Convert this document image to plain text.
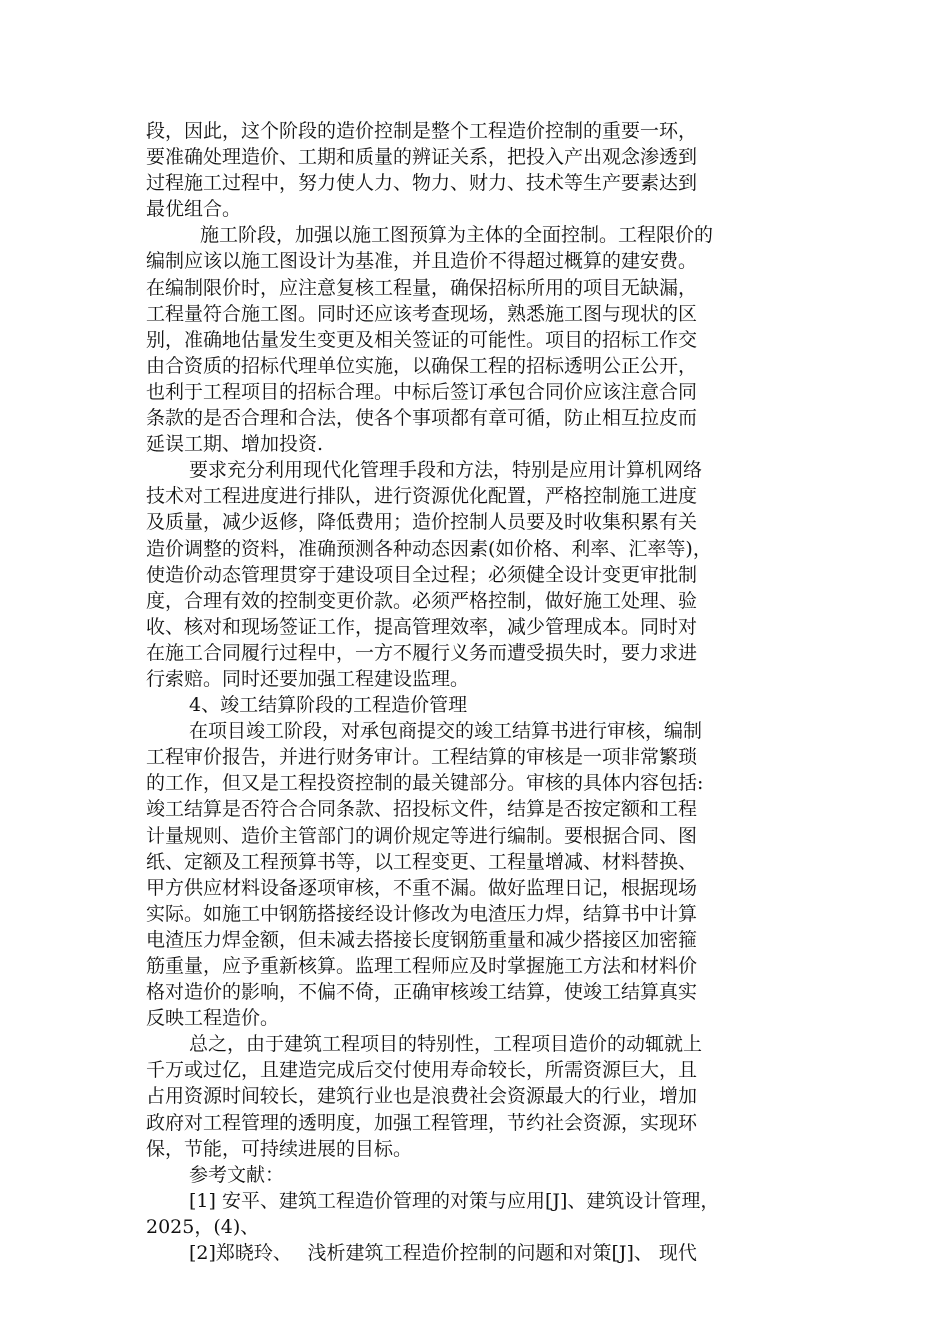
段，因此，这个阶段的造价控制是整个工程造价控制的重要一环，
要准确处理造价、工期和质量的辨证关系，把投入产出观念渗透到
过程施工过程中，努力使人力、物力、财力、技术等生产要素达到
最优组合。
施工阶段，加强以施工图预算为主体的全面控制。工程限价的
编制应该以施工图设计为基准，并且造价不得超过概算的建安费。
在编制限价时，应注意复核工程量，确保招标所用的项目无缺漏，
工程量符合施工图。同时还应该考查现场，熟悉施工图与现状的区
别，准确地估量发生变更及相关签证的可能性。项目的招标工作交
由合资质的招标代理单位实施，以确保工程的招标透明公正公开，
也利于工程项目的招标合理。中标后签订承包合同价应该注意合同
条款的是否合理和合法，使各个事项都有章可循，防止相互拉皮而
延误工期、增加投资.
要求充分利用现代化管理手段和方法，特别是应用计算机网络
技术对工程进度进行排队，进行资源优化配置，严格控制施工进度
及质量，减少返修，降低费用；造价控制人员要及时收集积累有关
造价调整的资料，准确预测各种动态因素(如价格、利率、汇率等)，
使造价动态管理贯穿于建设项目全过程；必须健全设计变更审批制
度，合理有效的控制变更价款。必须严格控制，做好施工处理、验
收、核对和现场签证工作，提高管理效率，减少管理成本。同时对
在施工合同履行过程中，一方不履行义务而遭受损失时，要力求进
行索赔。同时还要加强工程建设监理。
4、竣工结算阶段的工程造价管理
在项目竣工阶段，对承包商提交的竣工结算书进行审核，编制
工程审价报告，并进行财务审计。工程结算的审核是一项非常繁琐
的工作，但又是工程投资控制的最关键部分。审核的具体内容包括:
竣工结算是否符合合同条款、招投标文件，结算是否按定额和工程
计量规则、造价主管部门的调价规定等进行编制。要根据合同、图
纸、定额及工程预算书等，以工程变更、工程量增减、材料替换、
甲方供应材料设备逐项审核，不重不漏。做好监理日记，根据现场
实际。如施工中钢筋搭接经设计修改为电渣压力焊，结算书中计算
电渣压力焊金额，但未减去搭接长度钢筋重量和减少搭接区加密箍
筋重量，应予重新核算。监理工程师应及时掌握施工方法和材料价
格对造价的影响，不偏不倚，正确审核竣工结算，使竣工结算真实
反映工程造价。
总之，由于建筑工程项目的特别性，工程项目造价的动辄就上
千万或过亿，且建造完成后交付使用寿命较长，所需资源巨大，且
占用资源时间较长，建筑行业也是浪费社会资源最大的行业，增加
政府对工程管理的透明度，加强工程管理，节约社会资源，实现环
保，节能，可持续进展的目标。
参考文献：
[1] 安平、建筑工程造价管理的对策与应用[J]、建筑设计管理，
2025，(4)、
[2]郑晓玲、　 浅析建筑工程造价控制的问题和对策[J]、 现代
